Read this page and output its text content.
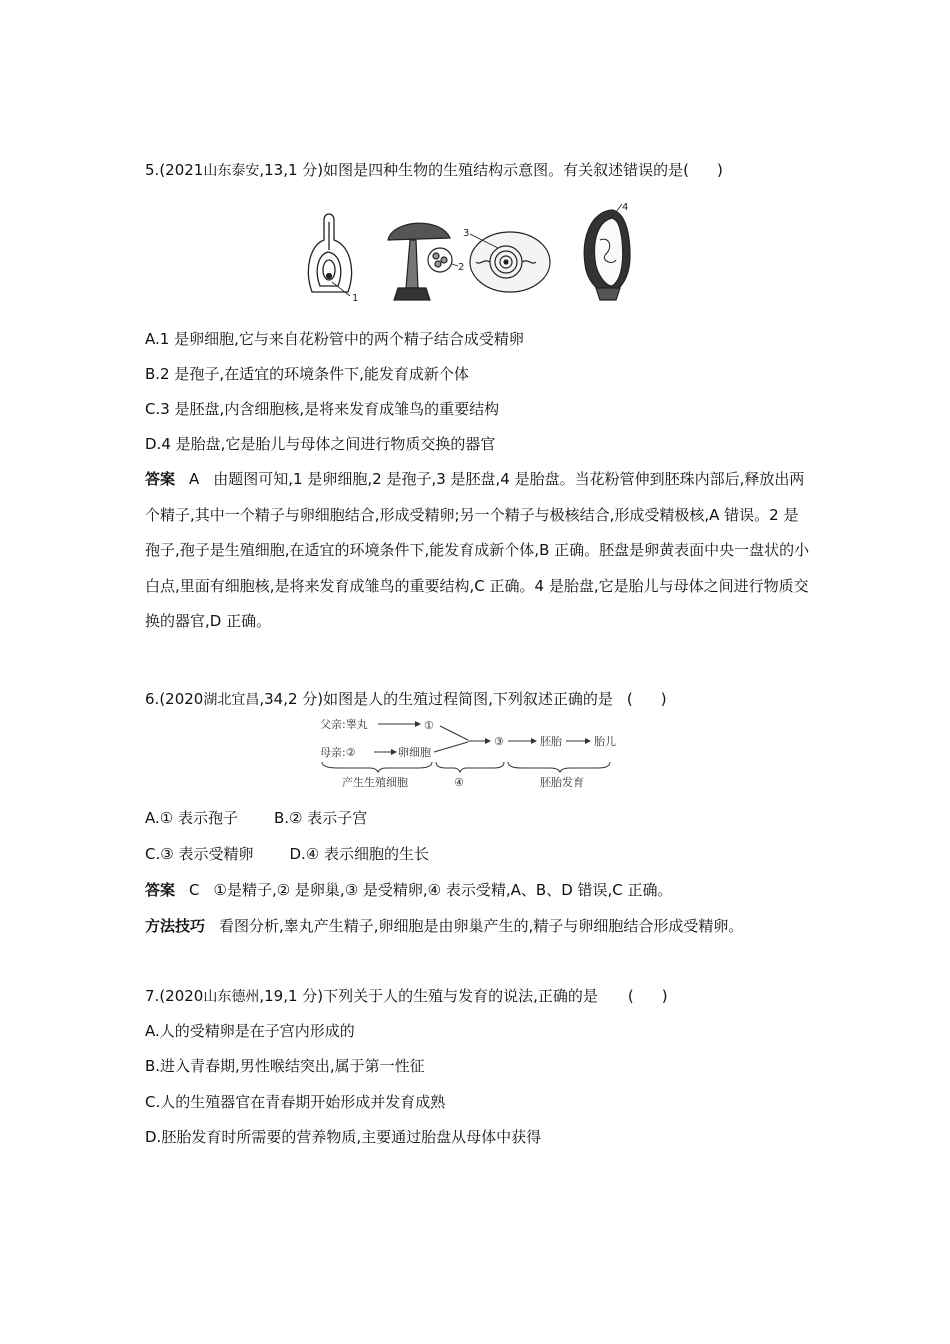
5.(2021山东泰安,13,1 分)如图是四种生物的生殖结构示意图。有关叙述错误的是( )
1
2
3
4
A.1 是卵细胞,它与来自花粉管中的两个精子结合成受精卵
B.2 是孢子,在适宜的环境条件下,能发育成新个体
C.3 是胚盘,内含细胞核,是将来发育成雏鸟的重要结构
D.4 是胎盘,它是胎儿与母体之间进行物质交换的器官
答案 A 由题图可知,1 是卵细胞,2 是孢子,3 是胚盘,4 是胎盘。当花粉管伸到胚珠内部后,释放出两个精子,其中一个精子与卵细胞结合,形成受精卵;另一个精子与极核结合,形成受精极核,A 错误。2 是孢子,孢子是生殖细胞,在适宜的环境条件下,能发育成新个体,B 正确。胚盘是卵黄表面中央一盘状的小白点,里面有细胞核,是将来发育成雏鸟的重要结构,C 正确。4 是胎盘,它是胎儿与母体之间进行物质交换的器官,D 正确。
6.(2020湖北宜昌,34,2 分)如图是人的生殖过程简图,下列叙述正确的是 ( )
父亲:睾丸	①
母亲:②	卵细胞
③	胚胎	胎儿
产生生殖细胞	④	胚胎发育
A.① 表示孢子 B.② 表示子宫
C.③ 表示受精卵 D.④ 表示细胞的生长
答案 C ①是精子,② 是卵巢,③ 是受精卵,④ 表示受精,A、B、D 错误,C 正确。
方法技巧 看图分析,睾丸产生精子,卵细胞是由卵巢产生的,精子与卵细胞结合形成受精卵。
7.(2020山东德州,19,1 分)下列关于人的生殖与发育的说法,正确的是 ( )
A.人的受精卵是在子宫内形成的
B.进入青春期,男性喉结突出,属于第一性征
C.人的生殖器官在青春期开始形成并发育成熟
D.胚胎发育时所需要的营养物质,主要通过胎盘从母体中获得
